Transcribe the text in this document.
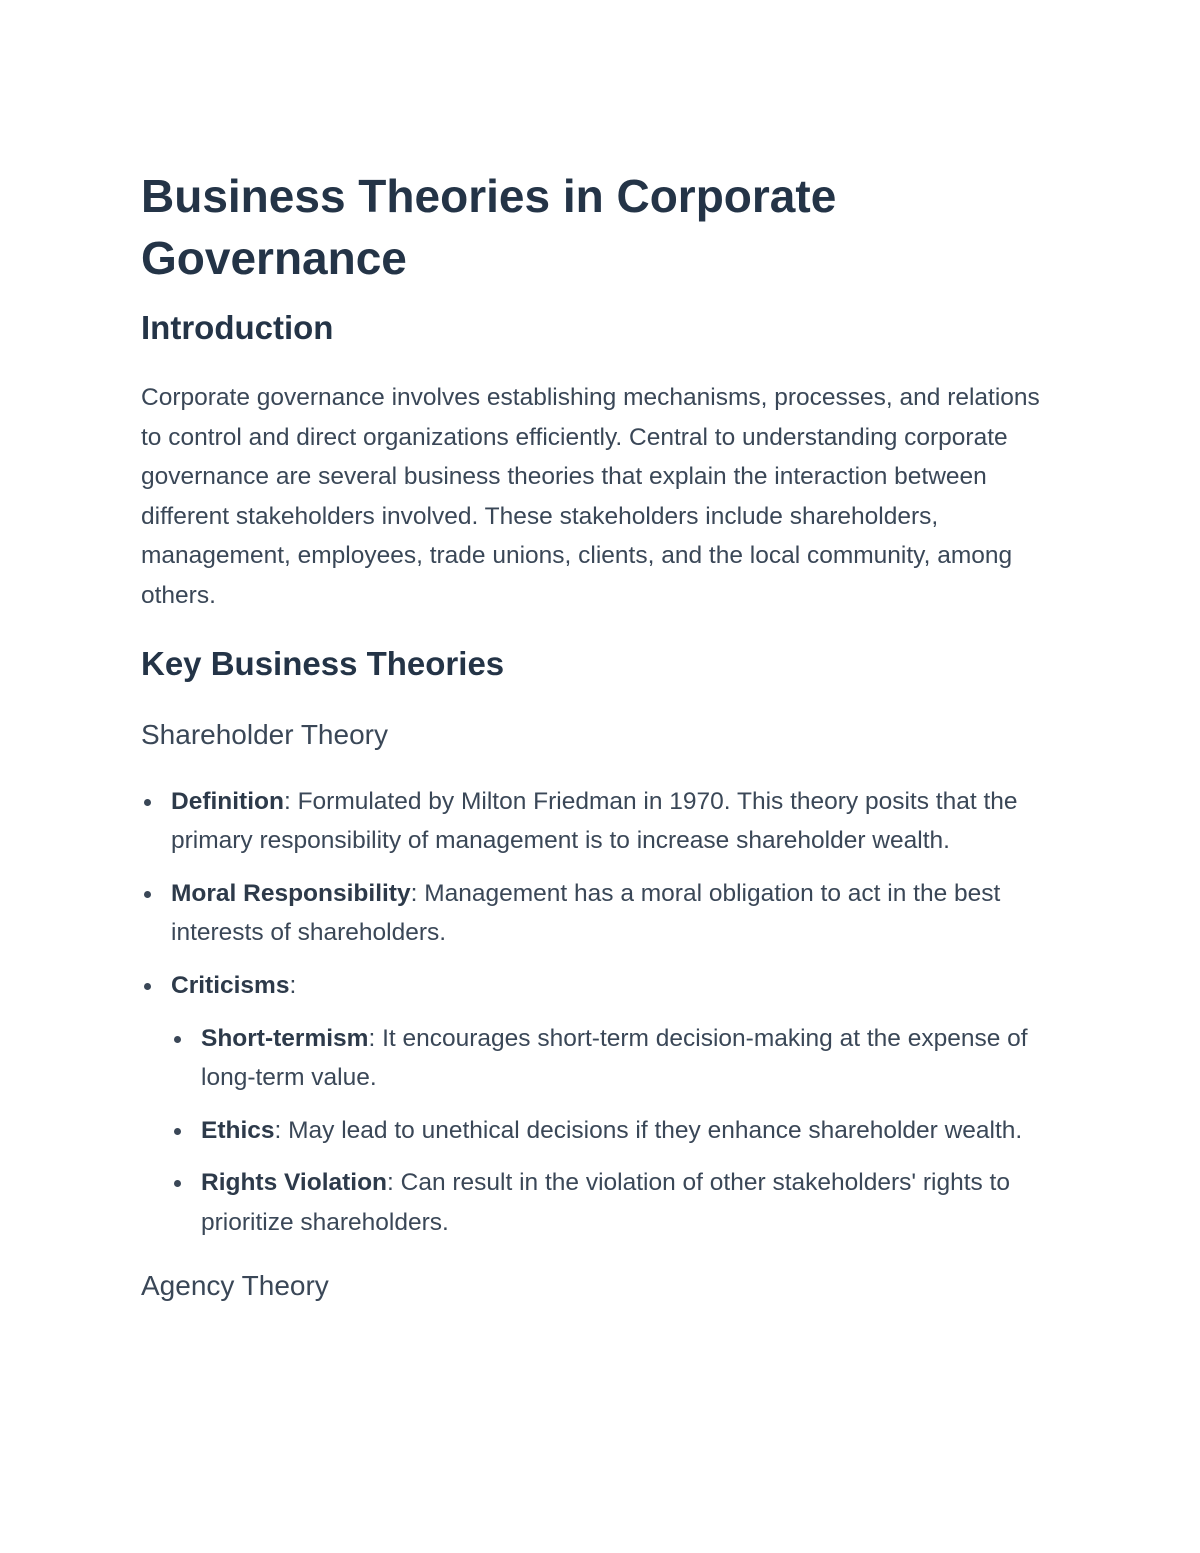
Business Theories in Corporate Governance
Introduction

Corporate governance involves establishing mechanisms, processes, and relations to control and direct organizations efficiently. Central to understanding corporate governance are several business theories that explain the interaction between different stakeholders involved. These stakeholders include shareholders, management, employees, trade unions, clients, and the local community, among others.

Key Business Theories
Shareholder Theory
Definition: Formulated by Milton Friedman in 1970. This theory posits that the primary responsibility of management is to increase shareholder wealth.
Moral Responsibility: Management has a moral obligation to act in the best interests of shareholders.
Criticisms:
Short-termism: It encourages short-term decision-making at the expense of long-term value.
Ethics: May lead to unethical decisions if they enhance shareholder wealth.
Rights Violation: Can result in the violation of other stakeholders' rights to prioritize shareholders.
Agency Theory
